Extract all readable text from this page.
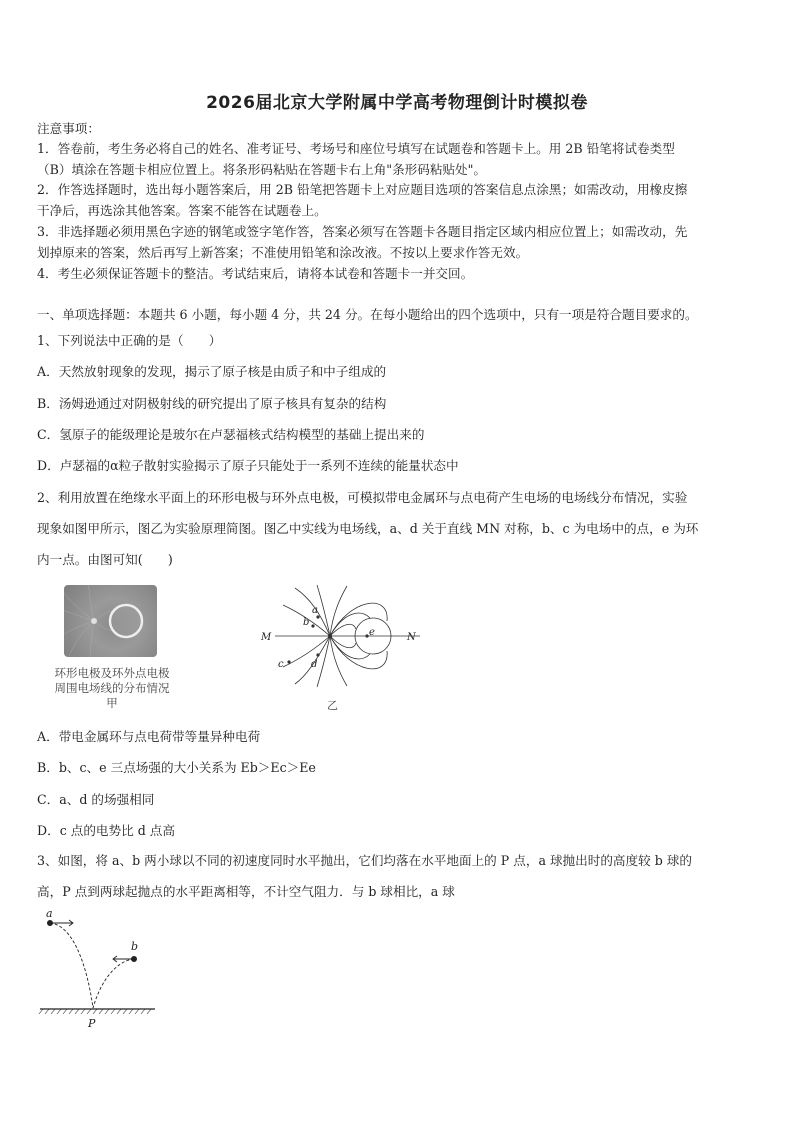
2026届北京大学附属中学高考物理倒计时模拟卷
注意事项：
1．答卷前，考生务必将自己的姓名、准考证号、考场号和座位号填写在试题卷和答题卡上。用 2B 铅笔将试卷类型
（B）填涂在答题卡相应位置上。将条形码粘贴在答题卡右上角"条形码粘贴处"。
2．作答选择题时，选出每小题答案后，用 2B 铅笔把答题卡上对应题目选项的答案信息点涂黑；如需改动，用橡皮擦
干净后，再选涂其他答案。答案不能答在试题卷上。
3．非选择题必须用黑色字迹的钢笔或签字笔作答，答案必须写在答题卡各题目指定区域内相应位置上；如需改动，先
划掉原来的答案，然后再写上新答案；不准使用铅笔和涂改液。不按以上要求作答无效。
4．考生必须保证答题卡的整洁。考试结束后，请将本试卷和答题卡一并交回。
一、单项选择题：本题共 6 小题，每小题 4 分，共 24 分。在每小题给出的四个选项中，只有一项是符合题目要求的。
1、下列说法中正确的是（　　）
A．天然放射现象的发现，揭示了原子核是由质子和中子组成的
B．汤姆逊通过对阴极射线的研究提出了原子核具有复杂的结构
C．氢原子的能级理论是玻尔在卢瑟福核式结构模型的基础上提出来的
D．卢瑟福的α粒子散射实验揭示了原子只能处于一系列不连续的能量状态中
2、利用放置在绝缘水平面上的环形电极与环外点电极，可模拟带电金属环与点电荷产生电场的电场线分布情况，实验
现象如图甲所示，图乙为实验原理简图。图乙中实线为电场线，a、d 关于直线 MN 对称，b、c 为电场中的点，e 为环
内一点。由图可知(　　)
环形电极及环外点电极
周围电场线的分布情况
甲
a
b
c	d
e
M	N
乙
A．带电金属环与点电荷带等量异种电荷
B．b、c、e 三点场强的大小关系为 Eb＞Ec＞Ee
C．a、d 的场强相同
D．c 点的电势比 d 点高
3、如图，将 a、b 两小球以不同的初速度同时水平抛出，它们均落在水平地面上的 P 点，a 球抛出时的高度较 b 球的
高，P 点到两球起抛点的水平距离相等，不计空气阻力．与 b 球相比，a 球
a
b
P
